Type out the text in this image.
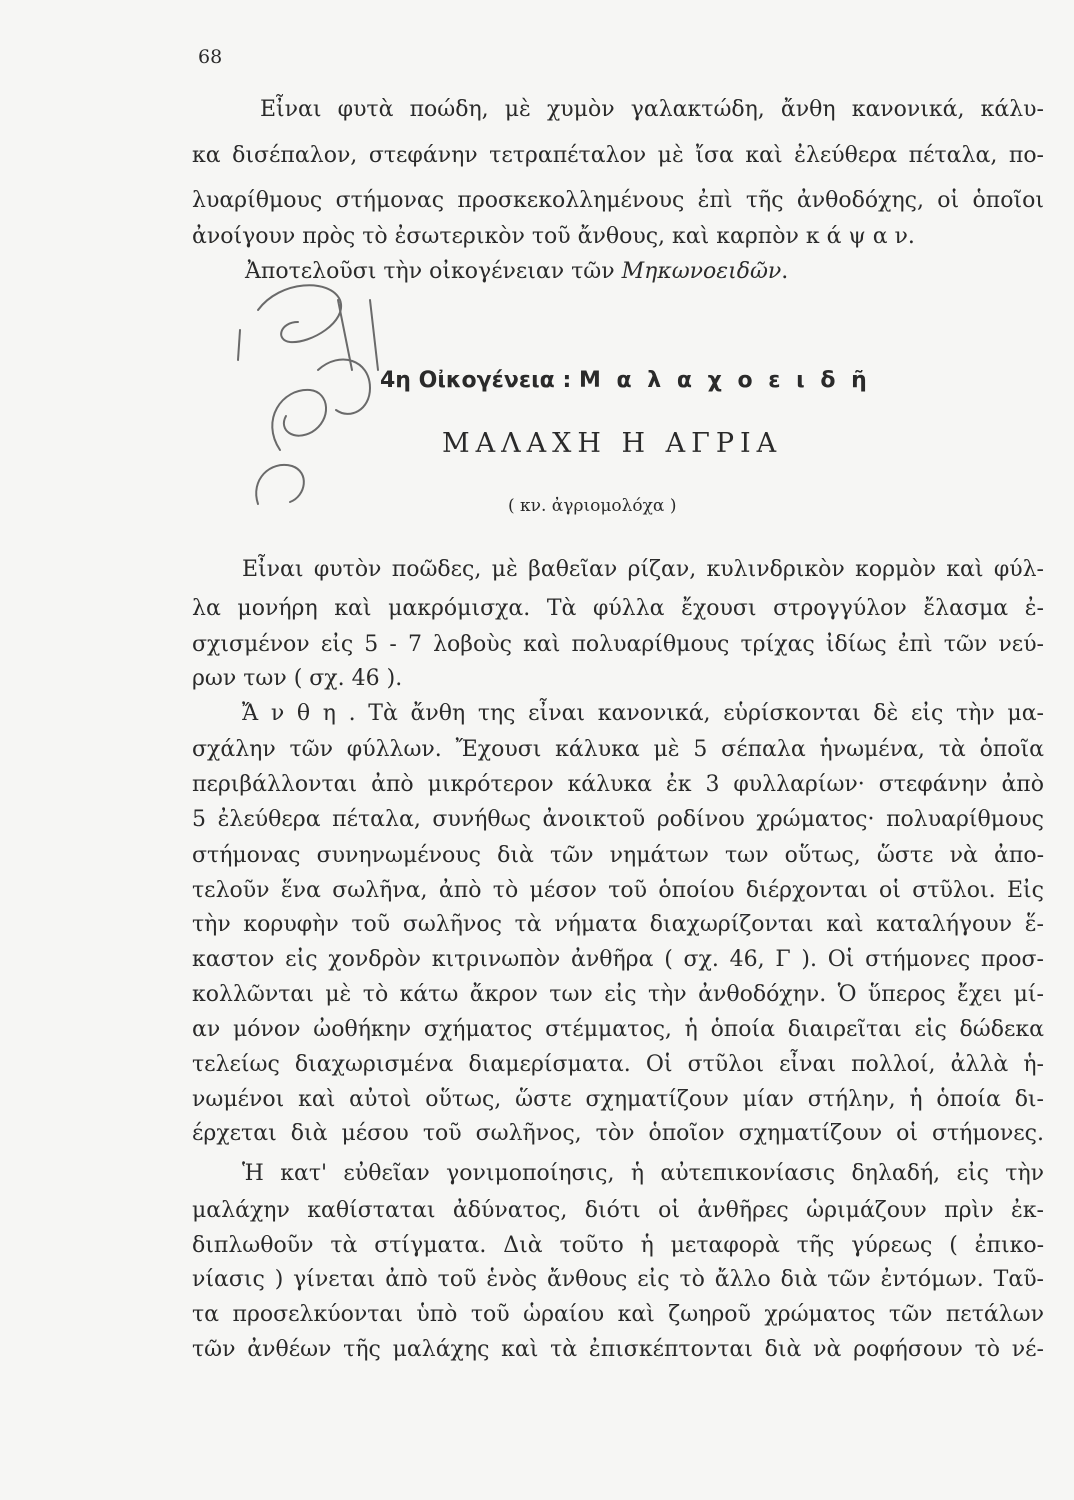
68
Εἶναι φυτὰ ποώδη, μὲ χυμὸν γαλακτώδη, ἄνθη κανονικά, κάλυ-
κα δισέπαλον, στεφάνην τετραπέταλον μὲ ἴσα καὶ ἐλεύθερα πέταλα, πο-
λυαρίθμους στήμονας προσκεκολλημένους ἐπὶ τῆς ἀνθοδόχης, οἱ ὁποῖοι
ἀνοίγουν πρὸς τὸ ἐσωτερικὸν τοῦ ἄνθους, καὶ καρπὸν κ ά ψ α ν.
Ἀποτελοῦσι τὴν οἰκογένειαν τῶν Μηκωνοειδῶν.
4η Οἰκογένεια : Μ α λ α χ ο ε ι δ ῆ
ΜΑΛΑΧΗ Η ΑΓΡΙΑ
( κν. ἀγριομολόχα )
Εἶναι φυτὸν ποῶδες, μὲ βαθεῖαν ρίζαν, κυλινδρικὸν κορμὸν καὶ φύλ-
λα μονήρη καὶ μακρόμισχα. Τὰ φύλλα ἔχουσι στρογγύλον ἔλασμα ἐ-
σχισμένον εἰς 5 - 7 λοβοὺς καὶ πολυαρίθμους τρίχας ἰδίως ἐπὶ τῶν νεύ-
ρων των ( σχ. 46 ).
Ἄ ν θ η . Τὰ ἄνθη της εἶναι κανονικά, εὑρίσκονται δὲ εἰς τὴν μα-
σχάλην τῶν φύλλων. Ἔχουσι κάλυκα μὲ 5 σέπαλα ἡνωμένα, τὰ ὁποῖα
περιβάλλονται ἀπὸ μικρότερον κάλυκα ἐκ 3 φυλλαρίων· στεφάνην ἀπὸ
5 ἐλεύθερα πέταλα, συνήθως ἀνοικτοῦ ροδίνου χρώματος· πολυαρίθμους
στήμονας συνηνωμένους διὰ τῶν νημάτων των οὕτως, ὥστε νὰ ἀπο-
τελοῦν ἕνα σωλῆνα, ἀπὸ τὸ μέσον τοῦ ὁποίου διέρχονται οἱ στῦλοι. Εἰς
τὴν κορυφὴν τοῦ σωλῆνος τὰ νήματα διαχωρίζονται καὶ καταλήγουν ἕ-
καστον εἰς χονδρὸν κιτρινωπὸν ἀνθῆρα ( σχ. 46, Γ ). Οἱ στήμονες προσ-
κολλῶνται μὲ τὸ κάτω ἄκρον των εἰς τὴν ἀνθοδόχην. Ὁ ὕπερος ἔχει μί-
αν μόνον ὠοθήκην σχήματος στέμματος, ἡ ὁποία διαιρεῖται εἰς δώδεκα
τελείως διαχωρισμένα διαμερίσματα. Οἱ στῦλοι εἶναι πολλοί, ἀλλὰ ἡ-
νωμένοι καὶ αὐτοὶ οὕτως, ὥστε σχηματίζουν μίαν στήλην, ἡ ὁποία δι-
έρχεται διὰ μέσου τοῦ σωλῆνος, τὸν ὁποῖον σχηματίζουν οἱ στήμονες.
Ἡ κατ' εὐθεῖαν γονιμοποίησις, ἡ αὐτεπικονίασις δηλαδή, εἰς τὴν
μαλάχην καθίσταται ἀδύνατος, διότι οἱ ἀνθῆρες ὡριμάζουν πρὶν ἐκ-
διπλωθοῦν τὰ στίγματα. Διὰ τοῦτο ἡ μεταφορὰ τῆς γύρεως ( ἐπικο-
νίασις ) γίνεται ἀπὸ τοῦ ἑνὸς ἄνθους εἰς τὸ ἄλλο διὰ τῶν ἐντόμων. Ταῦ-
τα προσελκύονται ὑπὸ τοῦ ὡραίου καὶ ζωηροῦ χρώματος τῶν πετάλων
τῶν ἀνθέων τῆς μαλάχης καὶ τὰ ἐπισκέπτονται διὰ νὰ ροφήσουν τὸ νέ-
